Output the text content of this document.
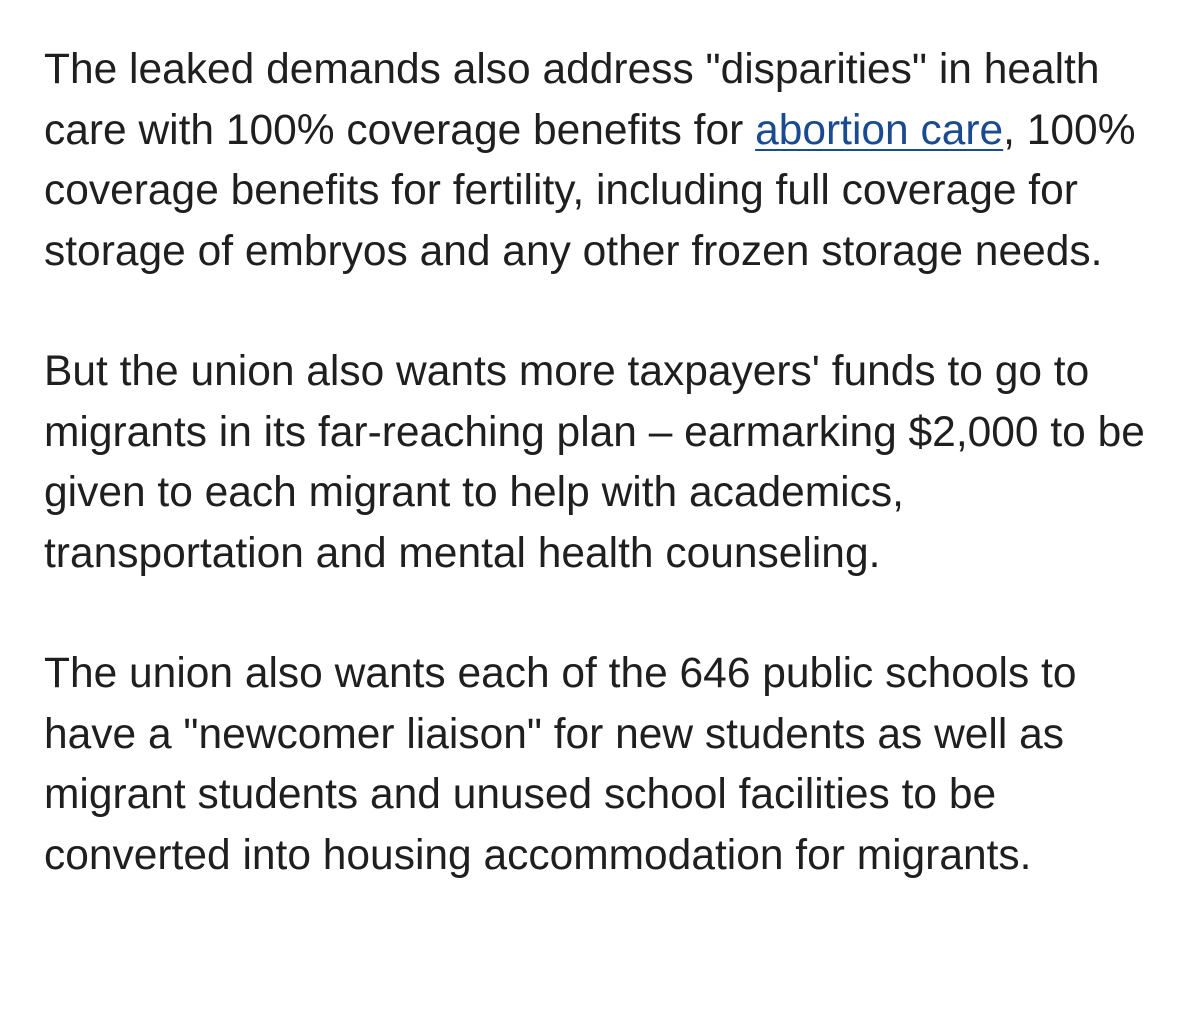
The leaked demands also address "disparities" in health care with 100% coverage benefits for abortion care, 100% coverage benefits for fertility, including full coverage for storage of embryos and any other frozen storage needs.

But the union also wants more taxpayers' funds to go to migrants in its far-reaching plan – earmarking $2,000 to be given to each migrant to help with academics, transportation and mental health counseling.

The union also wants each of the 646 public schools to have a "newcomer liaison" for new students as well as migrant students and unused school facilities to be converted into housing accommodation for migrants.
